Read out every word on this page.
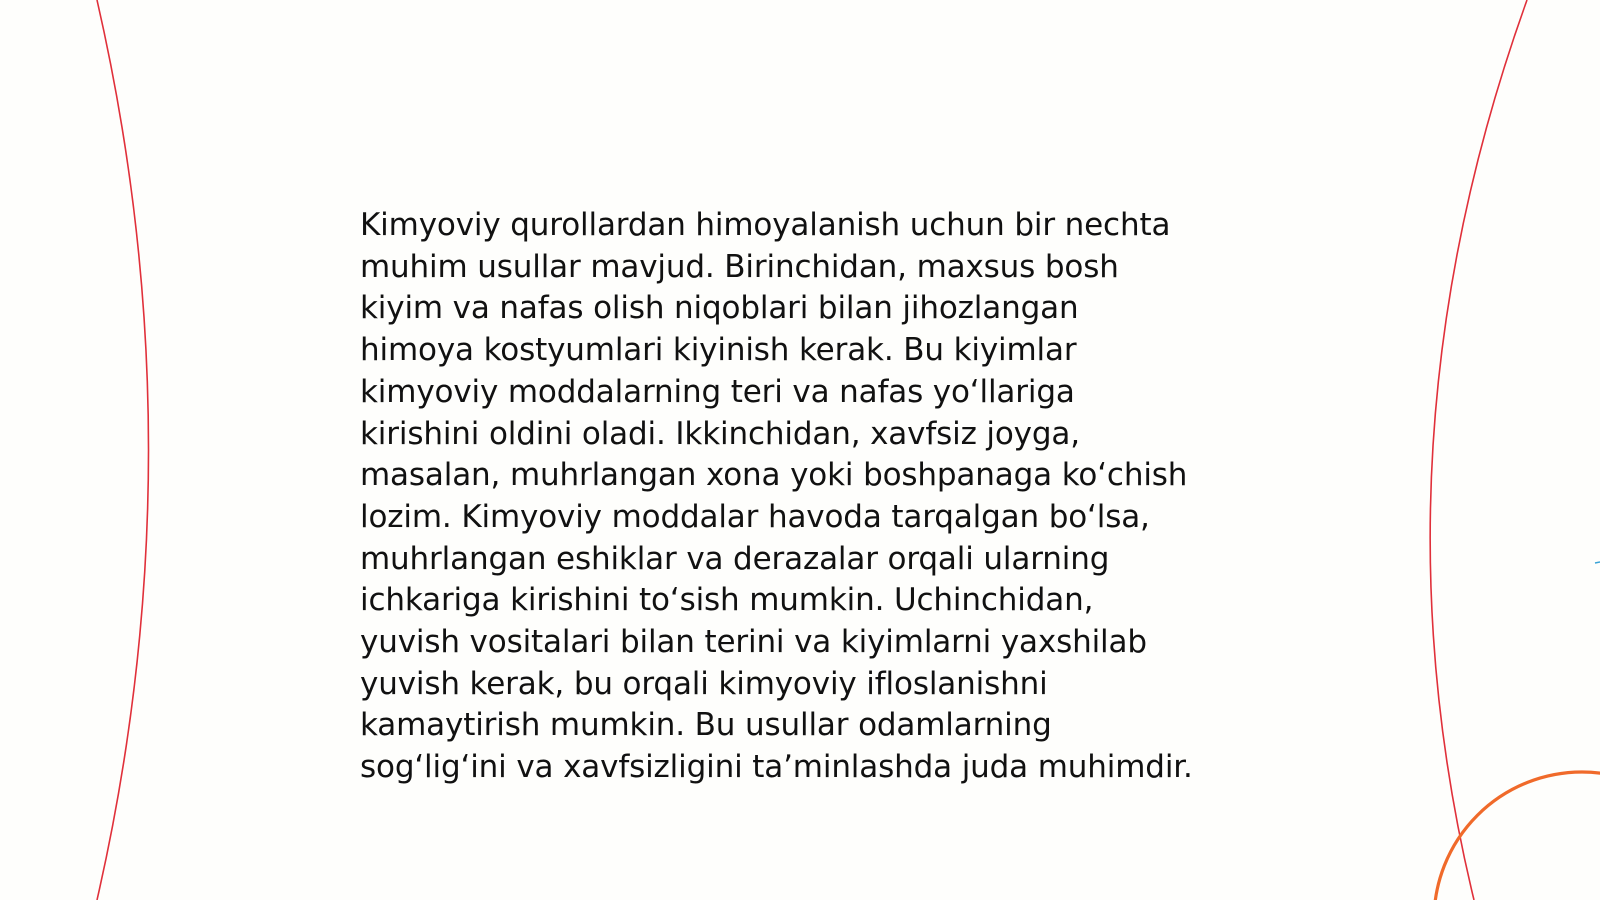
Kimyoviy qurollardan himoyalanish uchun bir nechta
muhim usullar mavjud. Birinchidan, maxsus bosh
kiyim va nafas olish niqoblari bilan jihozlangan
himoya kostyumlari kiyinish kerak. Bu kiyimlar
kimyoviy moddalarning teri va nafas yoʻllariga
kirishini oldini oladi. Ikkinchidan, xavfsiz joyga,
masalan, muhrlangan xona yoki boshpanaga koʻchish
lozim. Kimyoviy moddalar havoda tarqalgan boʻlsa,
muhrlangan eshiklar va derazalar orqali ularning
ichkariga kirishini toʻsish mumkin. Uchinchidan,
yuvish vositalari bilan terini va kiyimlarni yaxshilab
yuvish kerak, bu orqali kimyoviy ifloslanishni
kamaytirish mumkin. Bu usullar odamlarning
sogʻligʻini va xavfsizligini taʼminlashda juda muhimdir.
